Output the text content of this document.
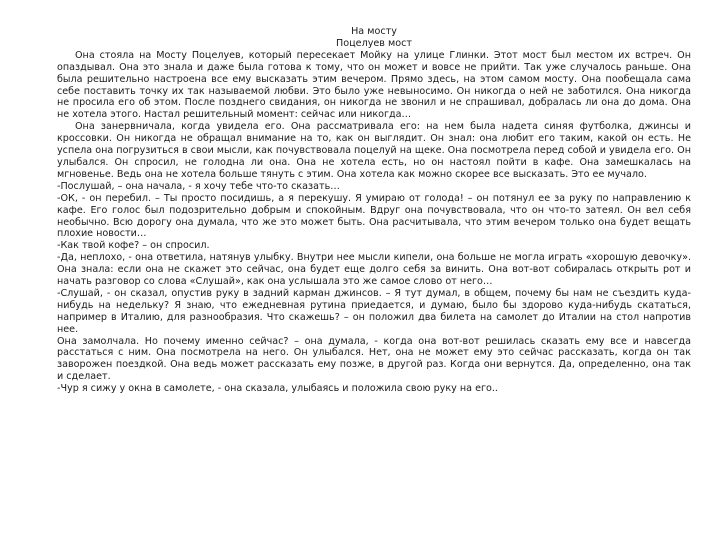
На мосту

Поцелуев мост

Она стояла на Мосту Поцелуев, который пересекает Мойку на улице Глинки. Этот мост был местом их встреч. Он опаздывал. Она это знала и даже была готова к тому, что он может и вовсе не прийти. Так уже случалось раньше. Она была решительно настроена все ему высказать этим вечером. Прямо здесь, на этом самом мосту. Она пообещала сама себе поставить точку их так называемой любви. Это было уже невыносимо. Он никогда о ней не заботился. Она никогда не просила его об этом. После позднего свидания, он никогда не звонил и не спрашивал, добралась ли она до дома. Она не хотела этого. Настал решительный момент: сейчас или никогда…

Она занервничала, когда увидела его. Она рассматривала его: на нем была надета синяя футболка, джинсы и кроссовки. Он никогда не обращал внимание на то, как он выглядит. Он знал: она любит его таким, какой он есть. Не успела она погрузиться в свои мысли, как почувствовала поцелуй на щеке. Она посмотрела перед собой и увидела его. Он улыбался. Он спросил, не голодна ли она. Она не хотела есть, но он настоял пойти в кафе. Она замешкалась на мгновенье. Ведь она не хотела больше тянуть с этим. Она хотела как можно скорее все высказать. Это ее мучало.

-Послушай, – она начала, - я хочу тебе что-то сказать…

-ОК, - он перебил. – Ты просто посидишь, а я перекушу. Я умираю от голода! – он потянул ее за руку по направлению к кафе. Его голос был подозрительно добрым и спокойным. Вдруг она почувствовала, что он что-то затеял. Он вел себя необычно. Всю дорогу она думала, что же это может быть. Она расчитывала, что этим вечером только она будет вещать плохие новости…

-Как твой кофе? – он спросил.

-Да, неплохо, - она ответила, натянув улыбку. Внутри нее мысли кипели, она больше не могла играть «хорошую девочку». Она знала: если она не скажет это сейчас, она будет еще долго себя за винить. Она вот-вот собиралась открыть рот и начать разговор со слова «Слушай», как она услышала это же самое слово от него…

-Слушай, - он сказал, опустив руку в задний карман джинсов. – Я тут думал, в общем, почему бы нам не съездить куда-нибудь на недельку? Я знаю, что ежедневная рутина приедается, и думаю, было бы здорово куда-нибудь скататься, например в Италию, для разнообразия. Что скажешь? – он положил два билета на самолет до Италии на стол напротив нее.

Она замолчала. Но почему именно сейчас? – она думала, - когда она вот-вот решилась сказать ему все и навсегда расстаться с ним. Она посмотрела на него. Он улыбался. Нет, она не может ему это сейчас рассказать, когда он так заворожен поездкой. Она ведь может рассказать ему позже, в другой раз. Когда они вернутся. Да, определенно, она так и сделает.

-Чур я сижу у окна в самолете, - она сказала, улыбаясь и положила свою руку на его..
